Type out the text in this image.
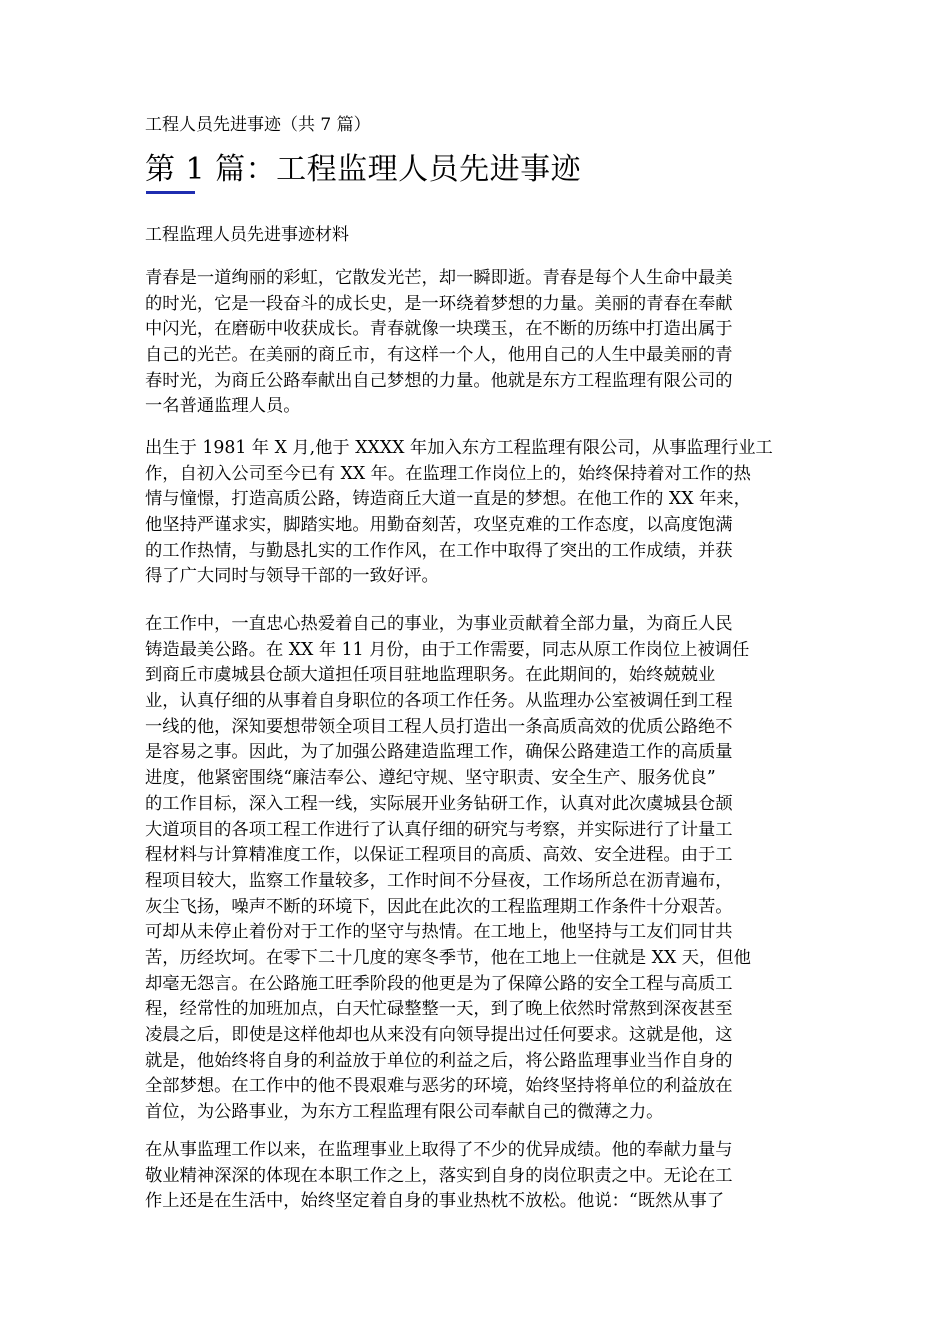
工程人员先进事迹（共 7 篇）
第 1 篇：工程监理人员先进事迹
工程监理人员先进事迹材料
青春是一道绚丽的彩虹，它散发光芒，却一瞬即逝。青春是每个人生命中最美
的时光，它是一段奋斗的成长史，是一环绕着梦想的力量。美丽的青春在奉献
中闪光，在磨砺中收获成长。青春就像一块璞玉，在不断的历练中打造出属于
自己的光芒。在美丽的商丘市，有这样一个人，他用自己的人生中最美丽的青
春时光，为商丘公路奉献出自己梦想的力量。他就是东方工程监理有限公司的
一名普通监理人员。
出生于 1981 年 X 月,他于 XXXX 年加入东方工程监理有限公司，从事监理行业工
作，自初入公司至今已有 XX 年。在监理工作岗位上的，始终保持着对工作的热
情与憧憬，打造高质公路，铸造商丘大道一直是的梦想。在他工作的 XX 年来，
他坚持严谨求实，脚踏实地。用勤奋刻苦，攻坚克难的工作态度，以高度饱满
的工作热情，与勤恳扎实的工作作风，在工作中取得了突出的工作成绩，并获
得了广大同时与领导干部的一致好评。
在工作中，一直忠心热爱着自己的事业，为事业贡献着全部力量，为商丘人民
铸造最美公路。在 XX 年 11 月份，由于工作需要，同志从原工作岗位上被调任
到商丘市虞城县仓颉大道担任项目驻地监理职务。在此期间的，始终兢兢业
业，认真仔细的从事着自身职位的各项工作任务。从监理办公室被调任到工程
一线的他，深知要想带领全项目工程人员打造出一条高质高效的优质公路绝不
是容易之事。因此，为了加强公路建造监理工作，确保公路建造工作的高质量
进度，他紧密围绕“廉洁奉公、遵纪守规、坚守职责、安全生产、服务优良”
的工作目标，深入工程一线，实际展开业务钻研工作，认真对此次虞城县仓颉
大道项目的各项工程工作进行了认真仔细的研究与考察，并实际进行了计量工
程材料与计算精准度工作，以保证工程项目的高质、高效、安全进程。由于工
程项目较大，监察工作量较多，工作时间不分昼夜，工作场所总在沥青遍布，
灰尘飞扬，噪声不断的环境下，因此在此次的工程监理期工作条件十分艰苦。
可却从未停止着份对于工作的坚守与热情。在工地上，他坚持与工友们同甘共
苦，历经坎坷。在零下二十几度的寒冬季节，他在工地上一住就是 XX 天，但他
却毫无怨言。在公路施工旺季阶段的他更是为了保障公路的安全工程与高质工
程，经常性的加班加点，白天忙碌整整一天，到了晚上依然时常熬到深夜甚至
凌晨之后，即使是这样他却也从来没有向领导提出过任何要求。这就是他，这
就是，他始终将自身的利益放于单位的利益之后，将公路监理事业当作自身的
全部梦想。在工作中的他不畏艰难与恶劣的环境，始终坚持将单位的利益放在
首位，为公路事业，为东方工程监理有限公司奉献自己的微薄之力。
在从事监理工作以来，在监理事业上取得了不少的优异成绩。他的奉献力量与
敬业精神深深的体现在本职工作之上，落实到自身的岗位职责之中。无论在工
作上还是在生活中，始终坚定着自身的事业热枕不放松。他说：“既然从事了
